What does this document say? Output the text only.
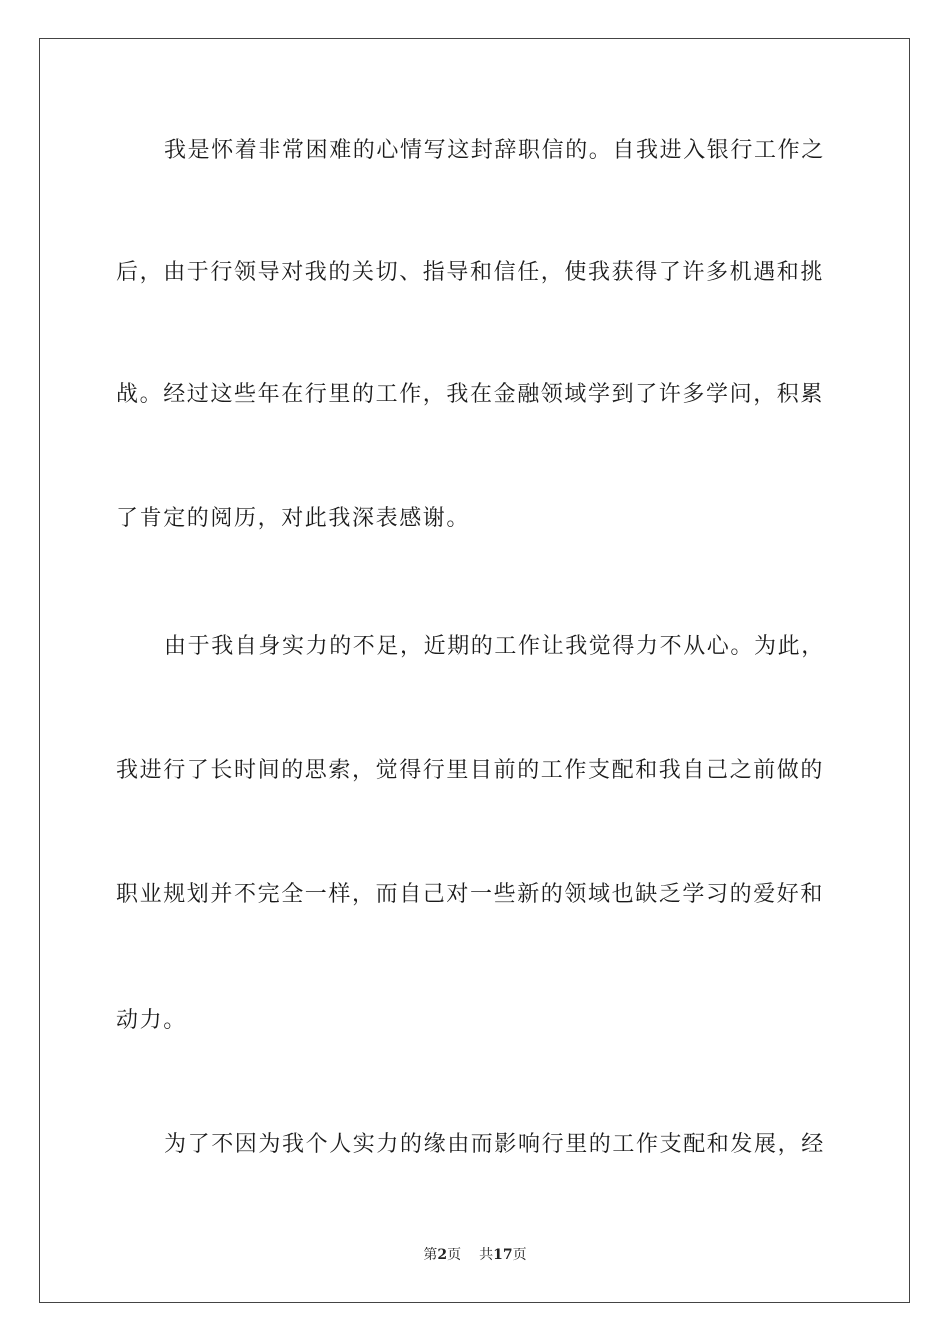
我是怀着非常困难的心情写这封辞职信的。自我进入银行工作之
后，由于行领导对我的关切、指导和信任，使我获得了许多机遇和挑
战。经过这些年在行里的工作，我在金融领域学到了许多学问，积累
了肯定的阅历，对此我深表感谢。
由于我自身实力的不足，近期的工作让我觉得力不从心。为此，
我进行了长时间的思索，觉得行里目前的工作支配和我自己之前做的
职业规划并不完全一样，而自己对一些新的领域也缺乏学习的爱好和
动力。
为了不因为我个人实力的缘由而影响行里的工作支配和发展，经
第2页 共17页
